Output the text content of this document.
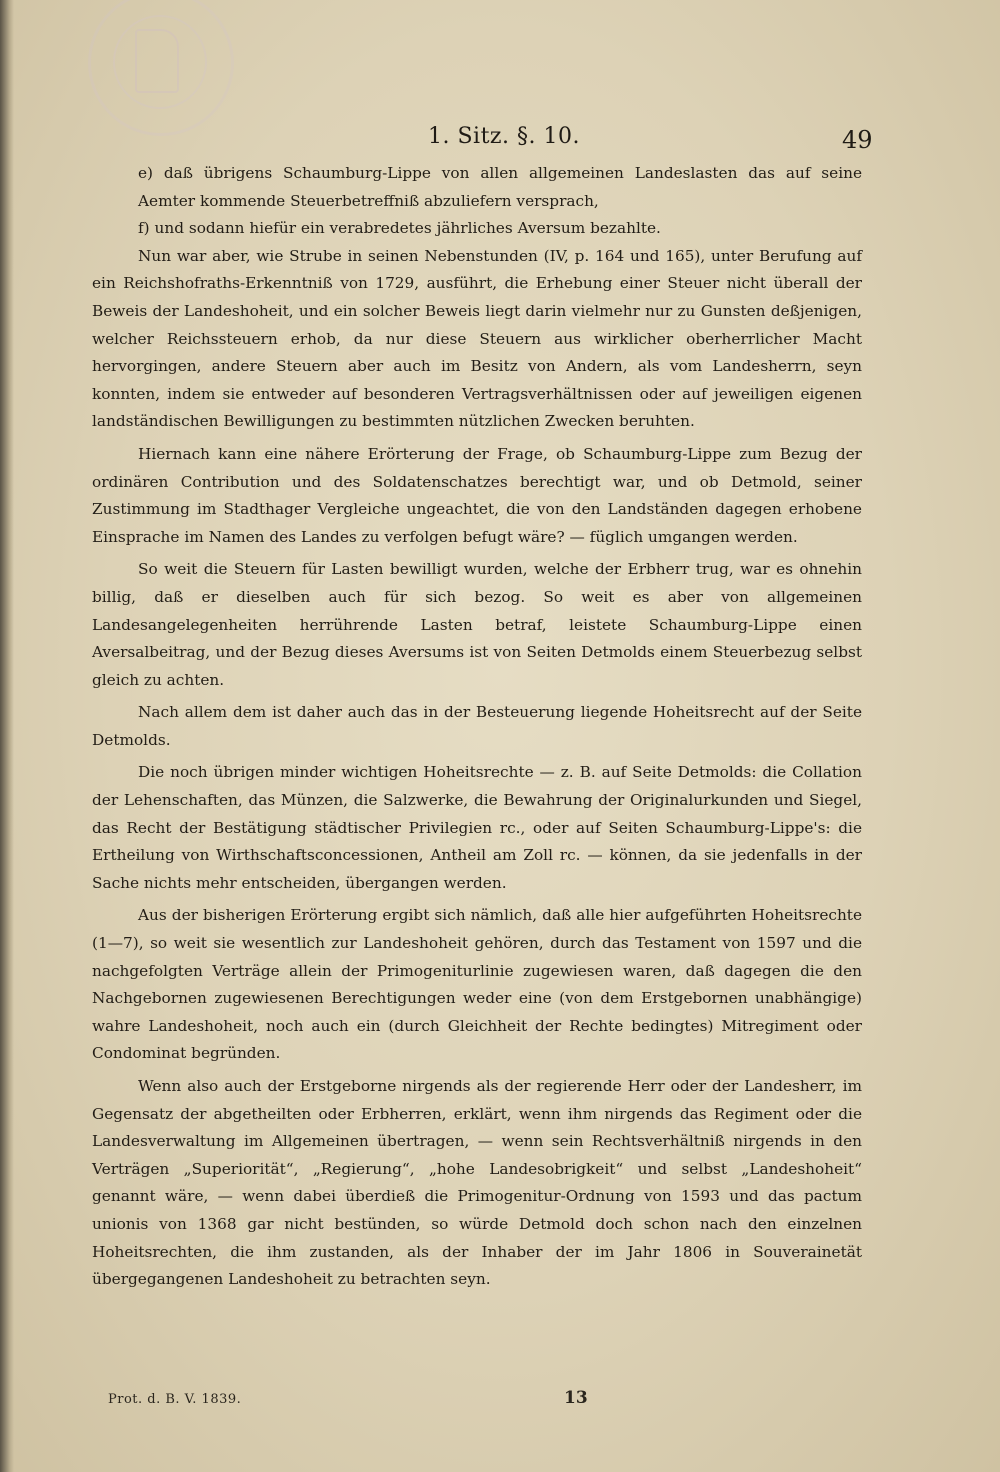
1. Sitz. §. 10.	49

e) daß übrigens Schaumburg-Lippe von allen allgemeinen Landeslasten das auf seine Aemter kommende Steuerbetreffniß abzuliefern versprach,

f) und sodann hiefür ein verabredetes jährliches Aversum bezahlte.

Nun war aber, wie Strube in seinen Nebenstunden (IV, p. 164 und 165), unter Berufung auf ein Reichshofraths-Erkenntniß von 1729, ausführt, die Erhebung einer Steuer nicht überall der Beweis der Landeshoheit, und ein solcher Beweis liegt darin vielmehr nur zu Gunsten deßjenigen, welcher Reichssteuern erhob, da nur diese Steuern aus wirklicher oberherrlicher Macht hervorgingen, andere Steuern aber auch im Besitz von Andern, als vom Landesherrn, seyn konnten, indem sie entweder auf besonderen Vertragsverhältnissen oder auf jeweiligen eigenen landständischen Bewilligungen zu bestimmten nützlichen Zwecken beruhten.

Hiernach kann eine nähere Erörterung der Frage, ob Schaumburg-Lippe zum Bezug der ordinären Contribution und des Soldatenschatzes berechtigt war, und ob Detmold, seiner Zustimmung im Stadthager Vergleiche ungeachtet, die von den Landständen dagegen erhobene Einsprache im Namen des Landes zu verfolgen befugt wäre? — füglich umgangen werden.

So weit die Steuern für Lasten bewilligt wurden, welche der Erbherr trug, war es ohnehin billig, daß er dieselben auch für sich bezog. So weit es aber von allgemeinen Landesangelegenheiten herrührende Lasten betraf, leistete Schaumburg-Lippe einen Aversalbeitrag, und der Bezug dieses Aversums ist von Seiten Detmolds einem Steuerbezug selbst gleich zu achten.

Nach allem dem ist daher auch das in der Besteuerung liegende Hoheitsrecht auf der Seite Detmolds.

Die noch übrigen minder wichtigen Hoheitsrechte — z. B. auf Seite Detmolds: die Collation der Lehenschaften, das Münzen, die Salzwerke, die Bewahrung der Originalurkunden und Siegel, das Recht der Bestätigung städtischer Privilegien rc., oder auf Seiten Schaumburg-Lippe's: die Ertheilung von Wirthschaftsconcessionen, Antheil am Zoll rc. — können, da sie jedenfalls in der Sache nichts mehr entscheiden, übergangen werden.

Aus der bisherigen Erörterung ergibt sich nämlich, daß alle hier aufgeführten Hoheitsrechte (1—7), so weit sie wesentlich zur Landeshoheit gehören, durch das Testament von 1597 und die nachgefolgten Verträge allein der Primogeniturlinie zugewiesen waren, daß dagegen die den Nachgebornen zugewiesenen Berechtigungen weder eine (von dem Erstgebornen unabhängige) wahre Landeshoheit, noch auch ein (durch Gleichheit der Rechte bedingtes) Mitregiment oder Condominat begründen.

Wenn also auch der Erstgeborne nirgends als der regierende Herr oder der Landesherr, im Gegensatz der abgetheilten oder Erbherren, erklärt, wenn ihm nirgends das Regiment oder die Landesverwaltung im Allgemeinen übertragen, — wenn sein Rechtsverhältniß nirgends in den Verträgen „Superiorität“, „Regierung“, „hohe Landesobrigkeit“ und selbst „Landeshoheit“ genannt wäre, — wenn dabei überdieß die Primogenitur-Ordnung von 1593 und das pactum unionis von 1368 gar nicht bestünden, so würde Detmold doch schon nach den einzelnen Hoheitsrechten, die ihm zustanden, als der Inhaber der im Jahr 1806 in Souverainetät übergegangenen Landeshoheit zu betrachten seyn.

Prot. d. B. V. 1839.	13
